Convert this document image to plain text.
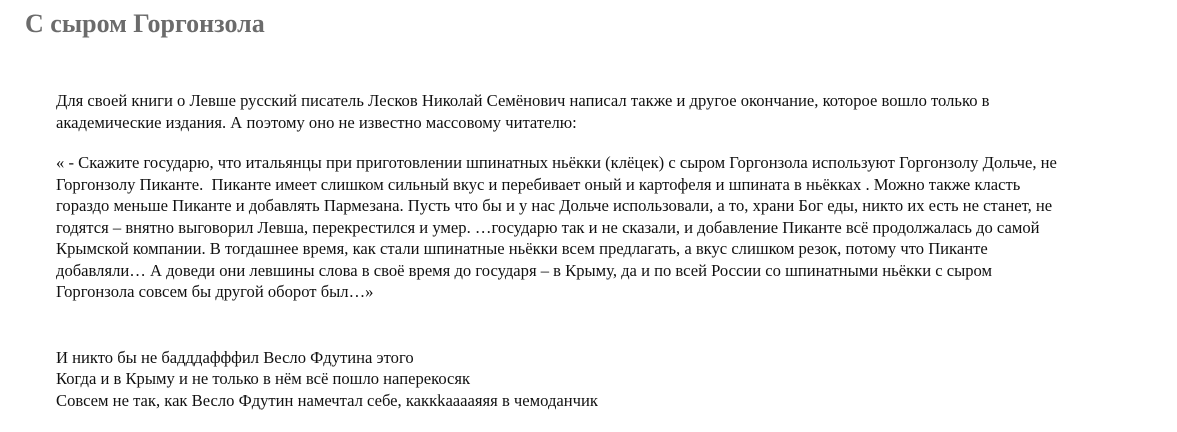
С сыром Горгонзола

Для своей книги о Левше русский писатель Лесков Николай Семёнович написал также и другое окончание, которое вошло только в
академические издания. А поэтому оно не известно массовому читателю:

« - Скажите государю, что итальянцы при приготовлении шпинатных ньёкки (клёцек) с сыром Горгонзола используют Горгонзолу Дольче, не
Горгонзолу Пиканте.  Пиканте имеет слишком сильный вкус и перебивает оный и картофеля и шпината в ньёкках . Можно также класть
гораздо меньше Пиканте и добавлять Пармезана. Пусть что бы и у нас Дольче использовали, а то, храни Бог еды, никто их есть не станет, не
годятся – внятно выговорил Левша, перекрестился и умер. …государю так и не сказали, и добавление Пиканте всё продолжалась до самой
Крымской компании. В тогдашнее время, как стали шпинатные ньёкки всем предлагать, а вкус слишком резок, потому что Пиканте
добавляли… А доведи они левшины слова в своё время до государя – в Крыму, да и по всей России со шпинатными ньёкки с сыром
Горгонзола совсем бы другой оборот был…»

И никто бы не бадддафффил Весло Фдутина этого
Когда и в Крыму и не только в нём всё пошло наперекосяк
Совсем не так, как Весло Фдутин намечтал себе, каккkааааяяя в чемоданчик
